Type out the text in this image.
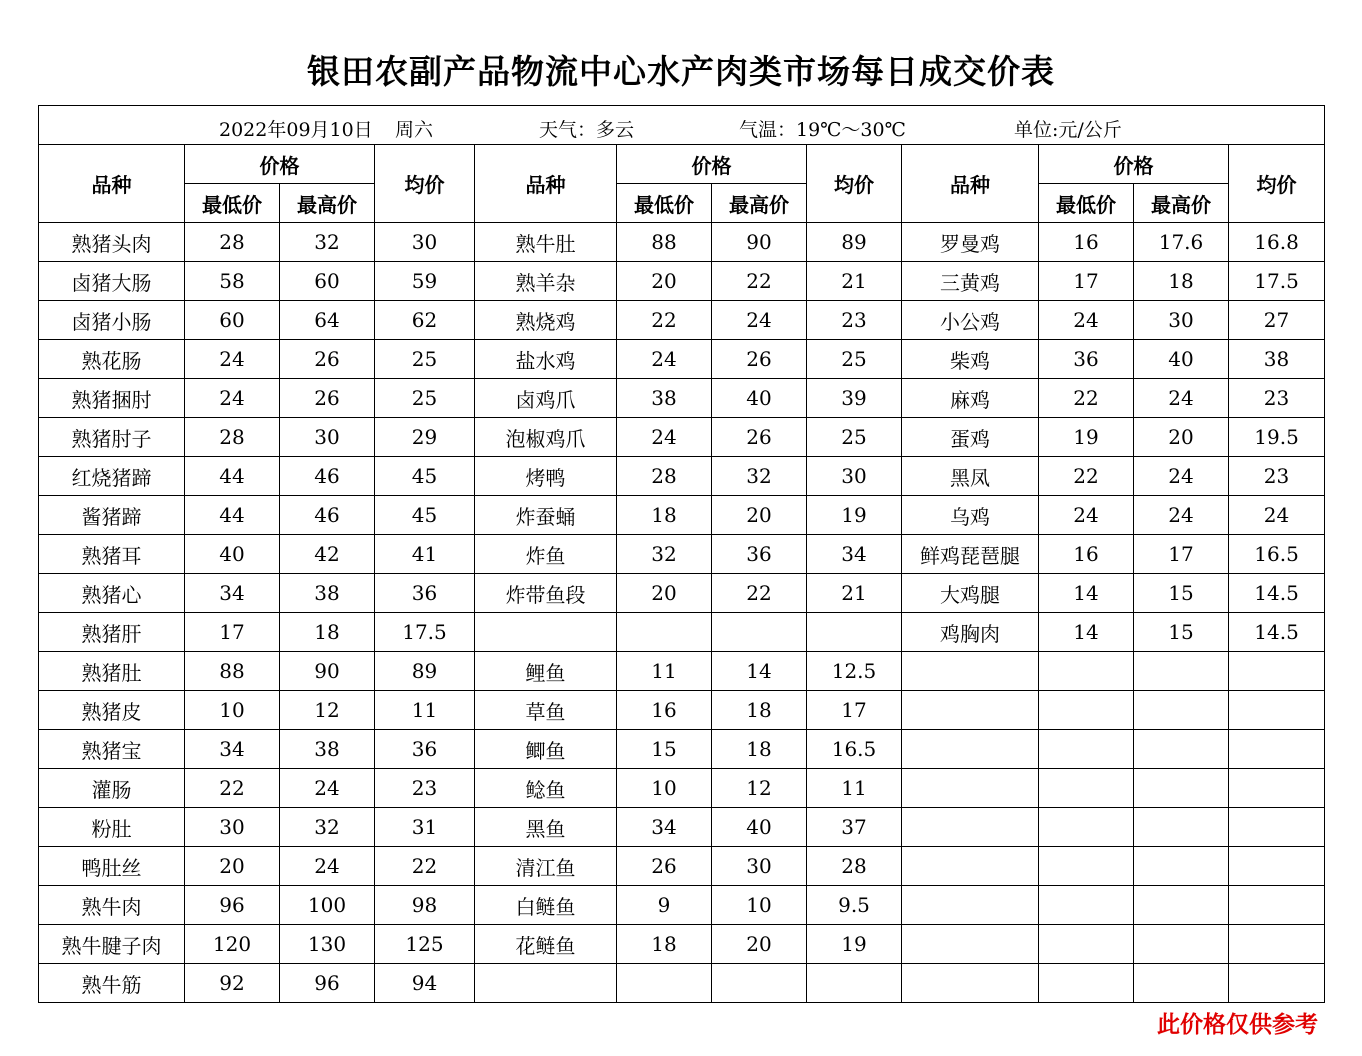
银田农副产品物流中心水产肉类市场每日成交价表
2022年09月10日 周六 天气：多云 气温：19℃～30℃ 单位:元/公斤											

品种	价格		均价	品种	价格		均价	品种	价格		均价
	最低价	最高价			最低价	最高价			最低价	最高价	
熟猪头肉	28	32	30	熟牛肚	88	90	89	罗曼鸡	16	17.6	16.8
卤猪大肠	58	60	59	熟羊杂	20	22	21	三黄鸡	17	18	17.5
卤猪小肠	60	64	62	熟烧鸡	22	24	23	小公鸡	24	30	27
熟花肠	24	26	25	盐水鸡	24	26	25	柴鸡	36	40	38
熟猪捆肘	24	26	25	卤鸡爪	38	40	39	麻鸡	22	24	23
熟猪肘子	28	30	29	泡椒鸡爪	24	26	25	蛋鸡	19	20	19.5
红烧猪蹄	44	46	45	烤鸭	28	32	30	黑凤	22	24	23
酱猪蹄	44	46	45	炸蚕蛹	18	20	19	乌鸡	24	24	24
熟猪耳	40	42	41	炸鱼	32	36	34	鲜鸡琵琶腿	16	17	16.5
熟猪心	34	38	36	炸带鱼段	20	22	21	大鸡腿	14	15	14.5
熟猪肝	17	18	17.5					鸡胸肉	14	15	14.5
熟猪肚	88	90	89	鲤鱼	11	14	12.5				
熟猪皮	10	12	11	草鱼	16	18	17				
熟猪宝	34	38	36	鲫鱼	15	18	16.5				
灌肠	22	24	23	鲶鱼	10	12	11				
粉肚	30	32	31	黑鱼	34	40	37				
鸭肚丝	20	24	22	清江鱼	26	30	28				
熟牛肉	96	100	98	白鲢鱼	9	10	9.5				
熟牛腱子肉	120	130	125	花鲢鱼	18	20	19				
熟牛筋	92	96	94								
此价格仅供参考
